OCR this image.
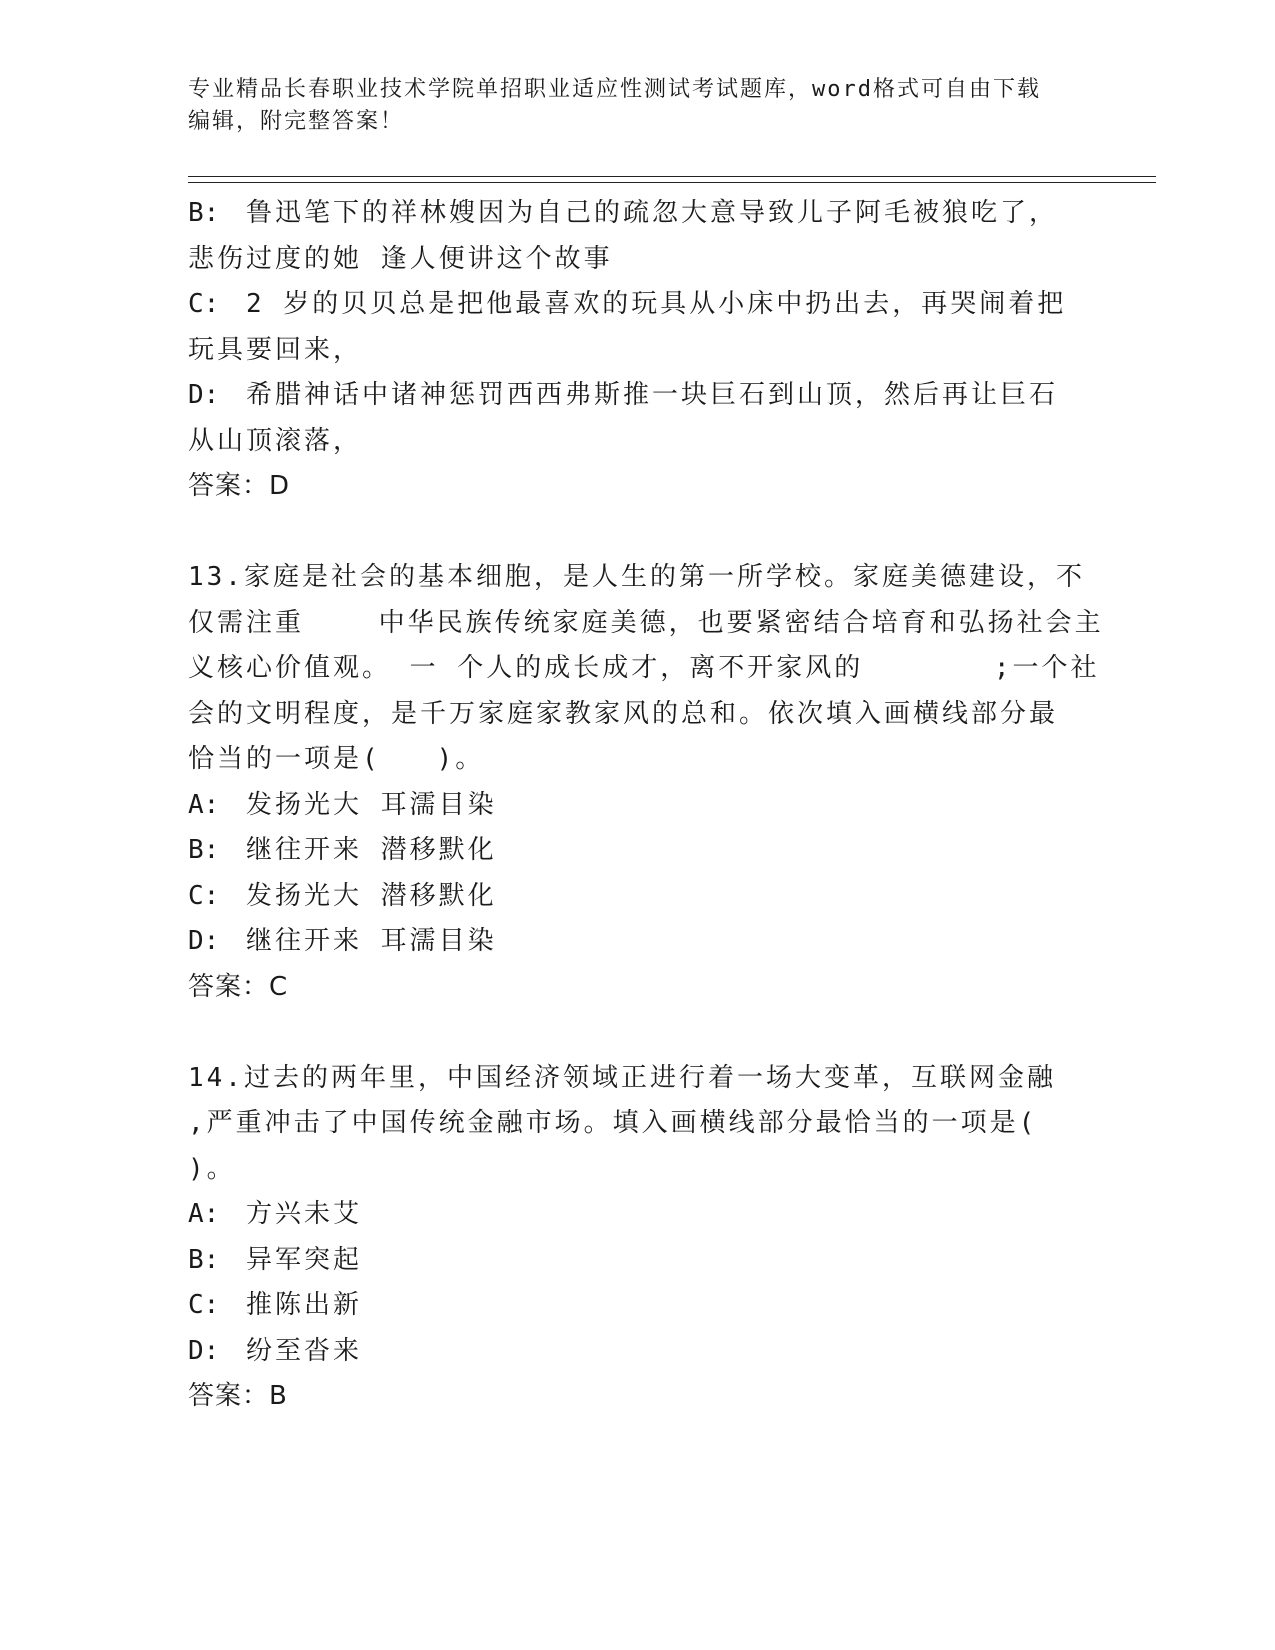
专业精品长春职业技术学院单招职业适应性测试考试题库，word格式可自由下载
编辑，附完整答案！
B: 鲁迅笔下的祥林嫂因为自己的疏忽大意导致儿子阿毛被狼吃了，
悲伤过度的她 逢人便讲这个故事
C: 2 岁的贝贝总是把他最喜欢的玩具从小床中扔出去，再哭闹着把
玩具要回来，
D: 希腊神话中诸神惩罚西西弗斯推一块巨石到山顶，然后再让巨石
从山顶滚落，
答案：D
13.家庭是社会的基本细胞，是人生的第一所学校。家庭美德建设，不
仅需注重    中华民族传统家庭美德，也要紧密结合培育和弘扬社会主
义核心价值观。 一 个人的成长成才，离不开家风的       ;一个社
会的文明程度，是千万家庭家教家风的总和。依次填入画横线部分最
恰当的一项是(   )。
A: 发扬光大 耳濡目染
B: 继往开来 潜移默化
C: 发扬光大 潜移默化
D: 继往开来 耳濡目染
答案：C
14.过去的两年里，中国经济领域正进行着一场大变革，互联网金融
,严重冲击了中国传统金融市场。填入画横线部分最恰当的一项是(
)。
A: 方兴未艾
B: 异军突起
C: 推陈出新
D: 纷至沓来
答案：B
